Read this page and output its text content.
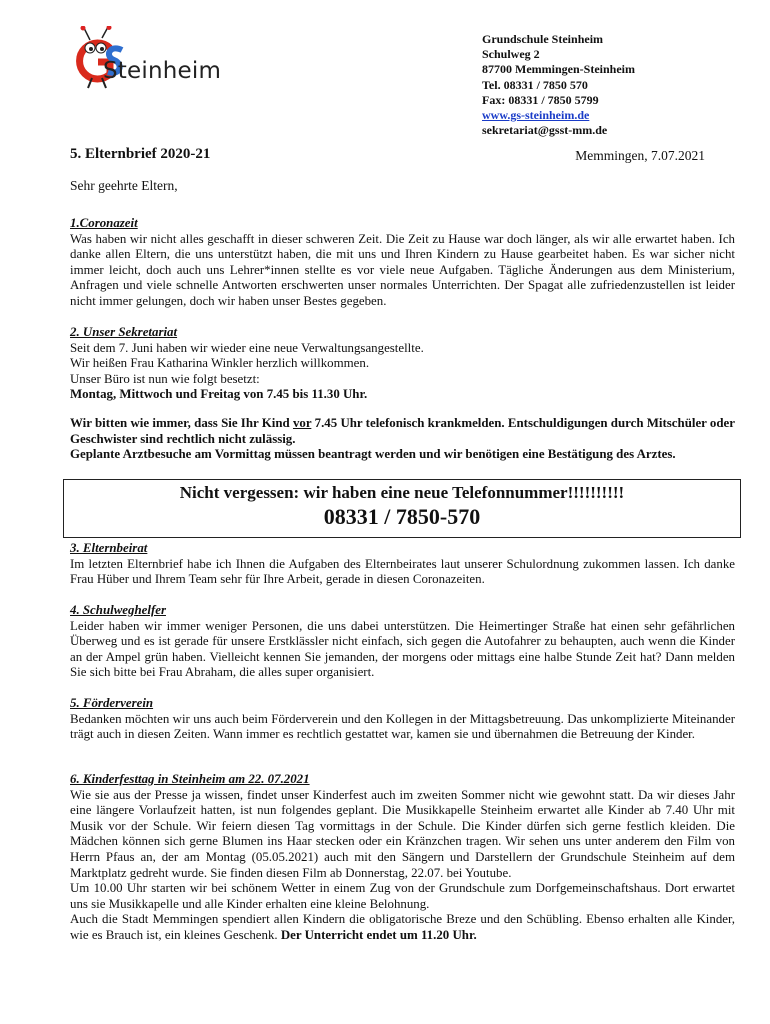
Steinheim
Grundschule Steinheim
Schulweg 2
87700 Memmingen-Steinheim
Tel. 08331 / 7850 570
Fax: 08331 / 7850 5799
www.gs-steinheim.de
sekretariat@gsst-mm.de
5. Elternbrief 2020-21	Memmingen, 7.07.2021
Sehr geehrte Eltern,
1.Coronazeit
Was haben wir nicht alles geschafft in dieser schweren Zeit. Die Zeit zu Hause war doch länger, als wir alle erwartet haben. Ich danke allen Eltern, die uns unterstützt haben, die mit uns und Ihren Kindern zu Hause gearbeitet haben. Es war sicher nicht immer leicht, doch auch uns Lehrer*innen stellte es vor viele neue Aufgaben. Tägliche Änderungen aus dem Ministerium, Anfragen und viele schnelle Antworten erschwerten unser normales Unterrichten. Der Spagat alle zufriedenzustellen ist leider nicht immer gelungen, doch wir haben unser Bestes gegeben.
2. Unser Sekretariat
Seit dem 7. Juni haben wir wieder eine neue Verwaltungsangestellte.
Wir heißen Frau Katharina Winkler herzlich willkommen.
Unser Büro ist nun wie folgt besetzt:
Montag, Mittwoch und Freitag von 7.45 bis 11.30 Uhr.
Wir bitten wie immer, dass Sie Ihr Kind vor 7.45 Uhr telefonisch krankmelden. Entschuldigungen durch Mitschüler oder Geschwister sind rechtlich nicht zulässig.
Geplante Arztbesuche am Vormittag müssen beantragt werden und wir benötigen eine Bestätigung des Arztes.
Nicht vergessen: wir haben eine neue Telefonnummer!!!!!!!!!!
08331 / 7850-570
3. Elternbeirat
Im letzten Elternbrief habe ich Ihnen die Aufgaben des Elternbeirates laut unserer Schulordnung zukommen lassen. Ich danke Frau Hüber und Ihrem Team sehr für Ihre Arbeit, gerade in diesen Coronazeiten.
4. Schulweghelfer
Leider haben wir immer weniger Personen, die uns dabei unterstützen. Die Heimertinger Straße hat einen sehr gefährlichen Überweg und es ist gerade für unsere Erstklässler nicht einfach, sich gegen die Autofahrer zu behaupten, auch wenn die Kinder an der Ampel grün haben. Vielleicht kennen Sie jemanden, der morgens oder mittags eine halbe Stunde Zeit hat? Dann melden Sie sich bitte bei Frau Abraham, die alles super organisiert.
5. Förderverein
Bedanken möchten wir uns auch beim Förderverein und den Kollegen in der Mittagsbetreuung. Das unkomplizierte Miteinander trägt auch in diesen Zeiten. Wann immer es rechtlich gestattet war, kamen sie und übernahmen die Betreuung der Kinder.
6. Kinderfesttag in Steinheim am 22. 07.2021
Wie sie aus der Presse ja wissen, findet unser Kinderfest auch im zweiten Sommer nicht wie gewohnt statt. Da wir dieses Jahr eine längere Vorlaufzeit hatten, ist nun folgendes geplant. Die Musikkapelle Steinheim erwartet alle Kinder ab 7.40 Uhr mit Musik vor der Schule. Wir feiern diesen Tag vormittags in der Schule. Die Kinder dürfen sich gerne festlich kleiden. Die Mädchen können sich gerne Blumen ins Haar stecken oder ein Kränzchen tragen. Wir sehen uns unter anderem den Film von Herrn Pfaus an, der am Montag (05.05.2021) auch mit den Sängern und Darstellern der Grundschule Steinheim auf dem Marktplatz gedreht wurde. Sie finden diesen Film ab Donnerstag, 22.07. bei Youtube.
Um 10.00 Uhr starten wir bei schönem Wetter in einem Zug von der Grundschule zum Dorfgemeinschaftshaus. Dort erwartet uns sie Musikkapelle und alle Kinder erhalten eine kleine Belohnung.
Auch die Stadt Memmingen spendiert allen Kindern die obligatorische Breze und den Schübling. Ebenso erhalten alle Kinder, wie es Brauch ist, ein kleines Geschenk. Der Unterricht endet um 11.20 Uhr.
